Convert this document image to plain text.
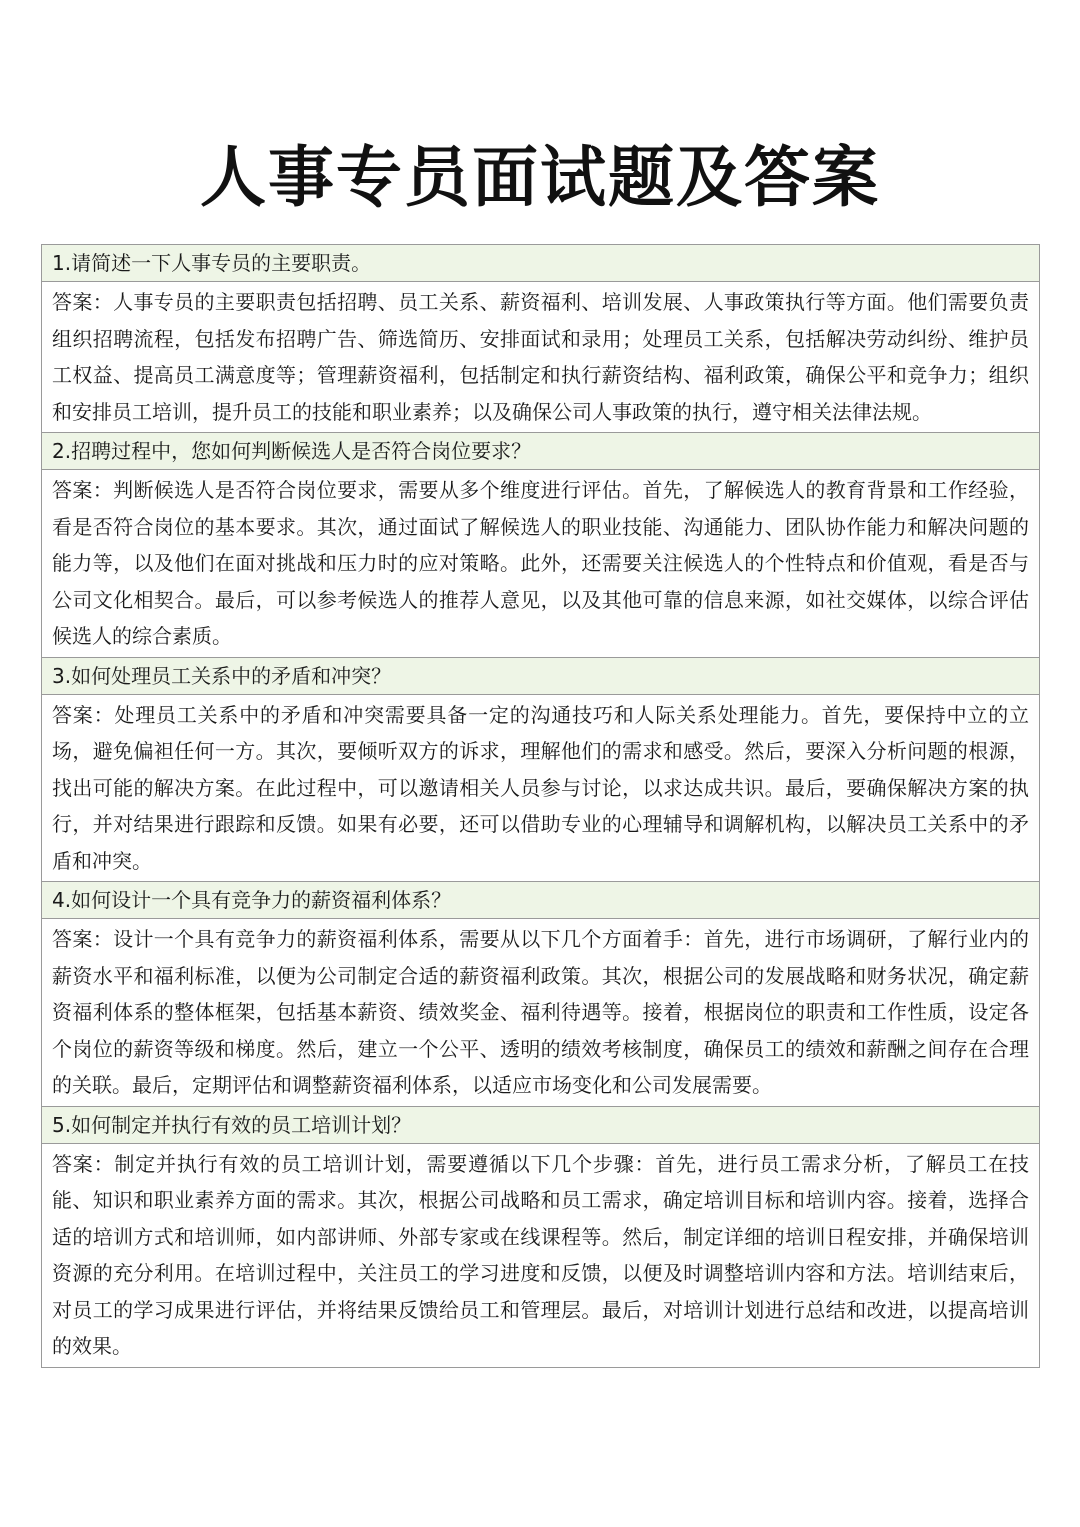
人事专员面试题及答案
1.请简述一下人事专员的主要职责。
答案：人事专员的主要职责包括招聘、员工关系、薪资福利、培训发展、人事政策执行等方面。他们需要负责组织招聘流程，包括发布招聘广告、筛选简历、安排面试和录用；处理员工关系，包括解决劳动纠纷、维护员工权益、提高员工满意度等；管理薪资福利，包括制定和执行薪资结构、福利政策，确保公平和竞争力；组织和安排员工培训，提升员工的技能和职业素养；以及确保公司人事政策的执行，遵守相关法律法规。
2.招聘过程中，您如何判断候选人是否符合岗位要求？
答案：判断候选人是否符合岗位要求，需要从多个维度进行评估。首先，了解候选人的教育背景和工作经验，看是否符合岗位的基本要求。其次，通过面试了解候选人的职业技能、沟通能力、团队协作能力和解决问题的能力等，以及他们在面对挑战和压力时的应对策略。此外，还需要关注候选人的个性特点和价值观，看是否与公司文化相契合。最后，可以参考候选人的推荐人意见，以及其他可靠的信息来源，如社交媒体，以综合评估候选人的综合素质。
3.如何处理员工关系中的矛盾和冲突？
答案：处理员工关系中的矛盾和冲突需要具备一定的沟通技巧和人际关系处理能力。首先，要保持中立的立场，避免偏袒任何一方。其次，要倾听双方的诉求，理解他们的需求和感受。然后，要深入分析问题的根源，找出可能的解决方案。在此过程中，可以邀请相关人员参与讨论，以求达成共识。最后，要确保解决方案的执行，并对结果进行跟踪和反馈。如果有必要，还可以借助专业的心理辅导和调解机构，以解决员工关系中的矛盾和冲突。
4.如何设计一个具有竞争力的薪资福利体系？
答案：设计一个具有竞争力的薪资福利体系，需要从以下几个方面着手：首先，进行市场调研，了解行业内的薪资水平和福利标准，以便为公司制定合适的薪资福利政策。其次，根据公司的发展战略和财务状况，确定薪资福利体系的整体框架，包括基本薪资、绩效奖金、福利待遇等。接着，根据岗位的职责和工作性质，设定各个岗位的薪资等级和梯度。然后，建立一个公平、透明的绩效考核制度，确保员工的绩效和薪酬之间存在合理的关联。最后，定期评估和调整薪资福利体系，以适应市场变化和公司发展需要。
5.如何制定并执行有效的员工培训计划？
答案：制定并执行有效的员工培训计划，需要遵循以下几个步骤：首先，进行员工需求分析，了解员工在技能、知识和职业素养方面的需求。其次，根据公司战略和员工需求，确定培训目标和培训内容。接着，选择合适的培训方式和培训师，如内部讲师、外部专家或在线课程等。然后，制定详细的培训日程安排，并确保培训资源的充分利用。在培训过程中，关注员工的学习进度和反馈，以便及时调整培训内容和方法。培训结束后，对员工的学习成果进行评估，并将结果反馈给员工和管理层。最后，对培训计划进行总结和改进，以提高培训的效果。
